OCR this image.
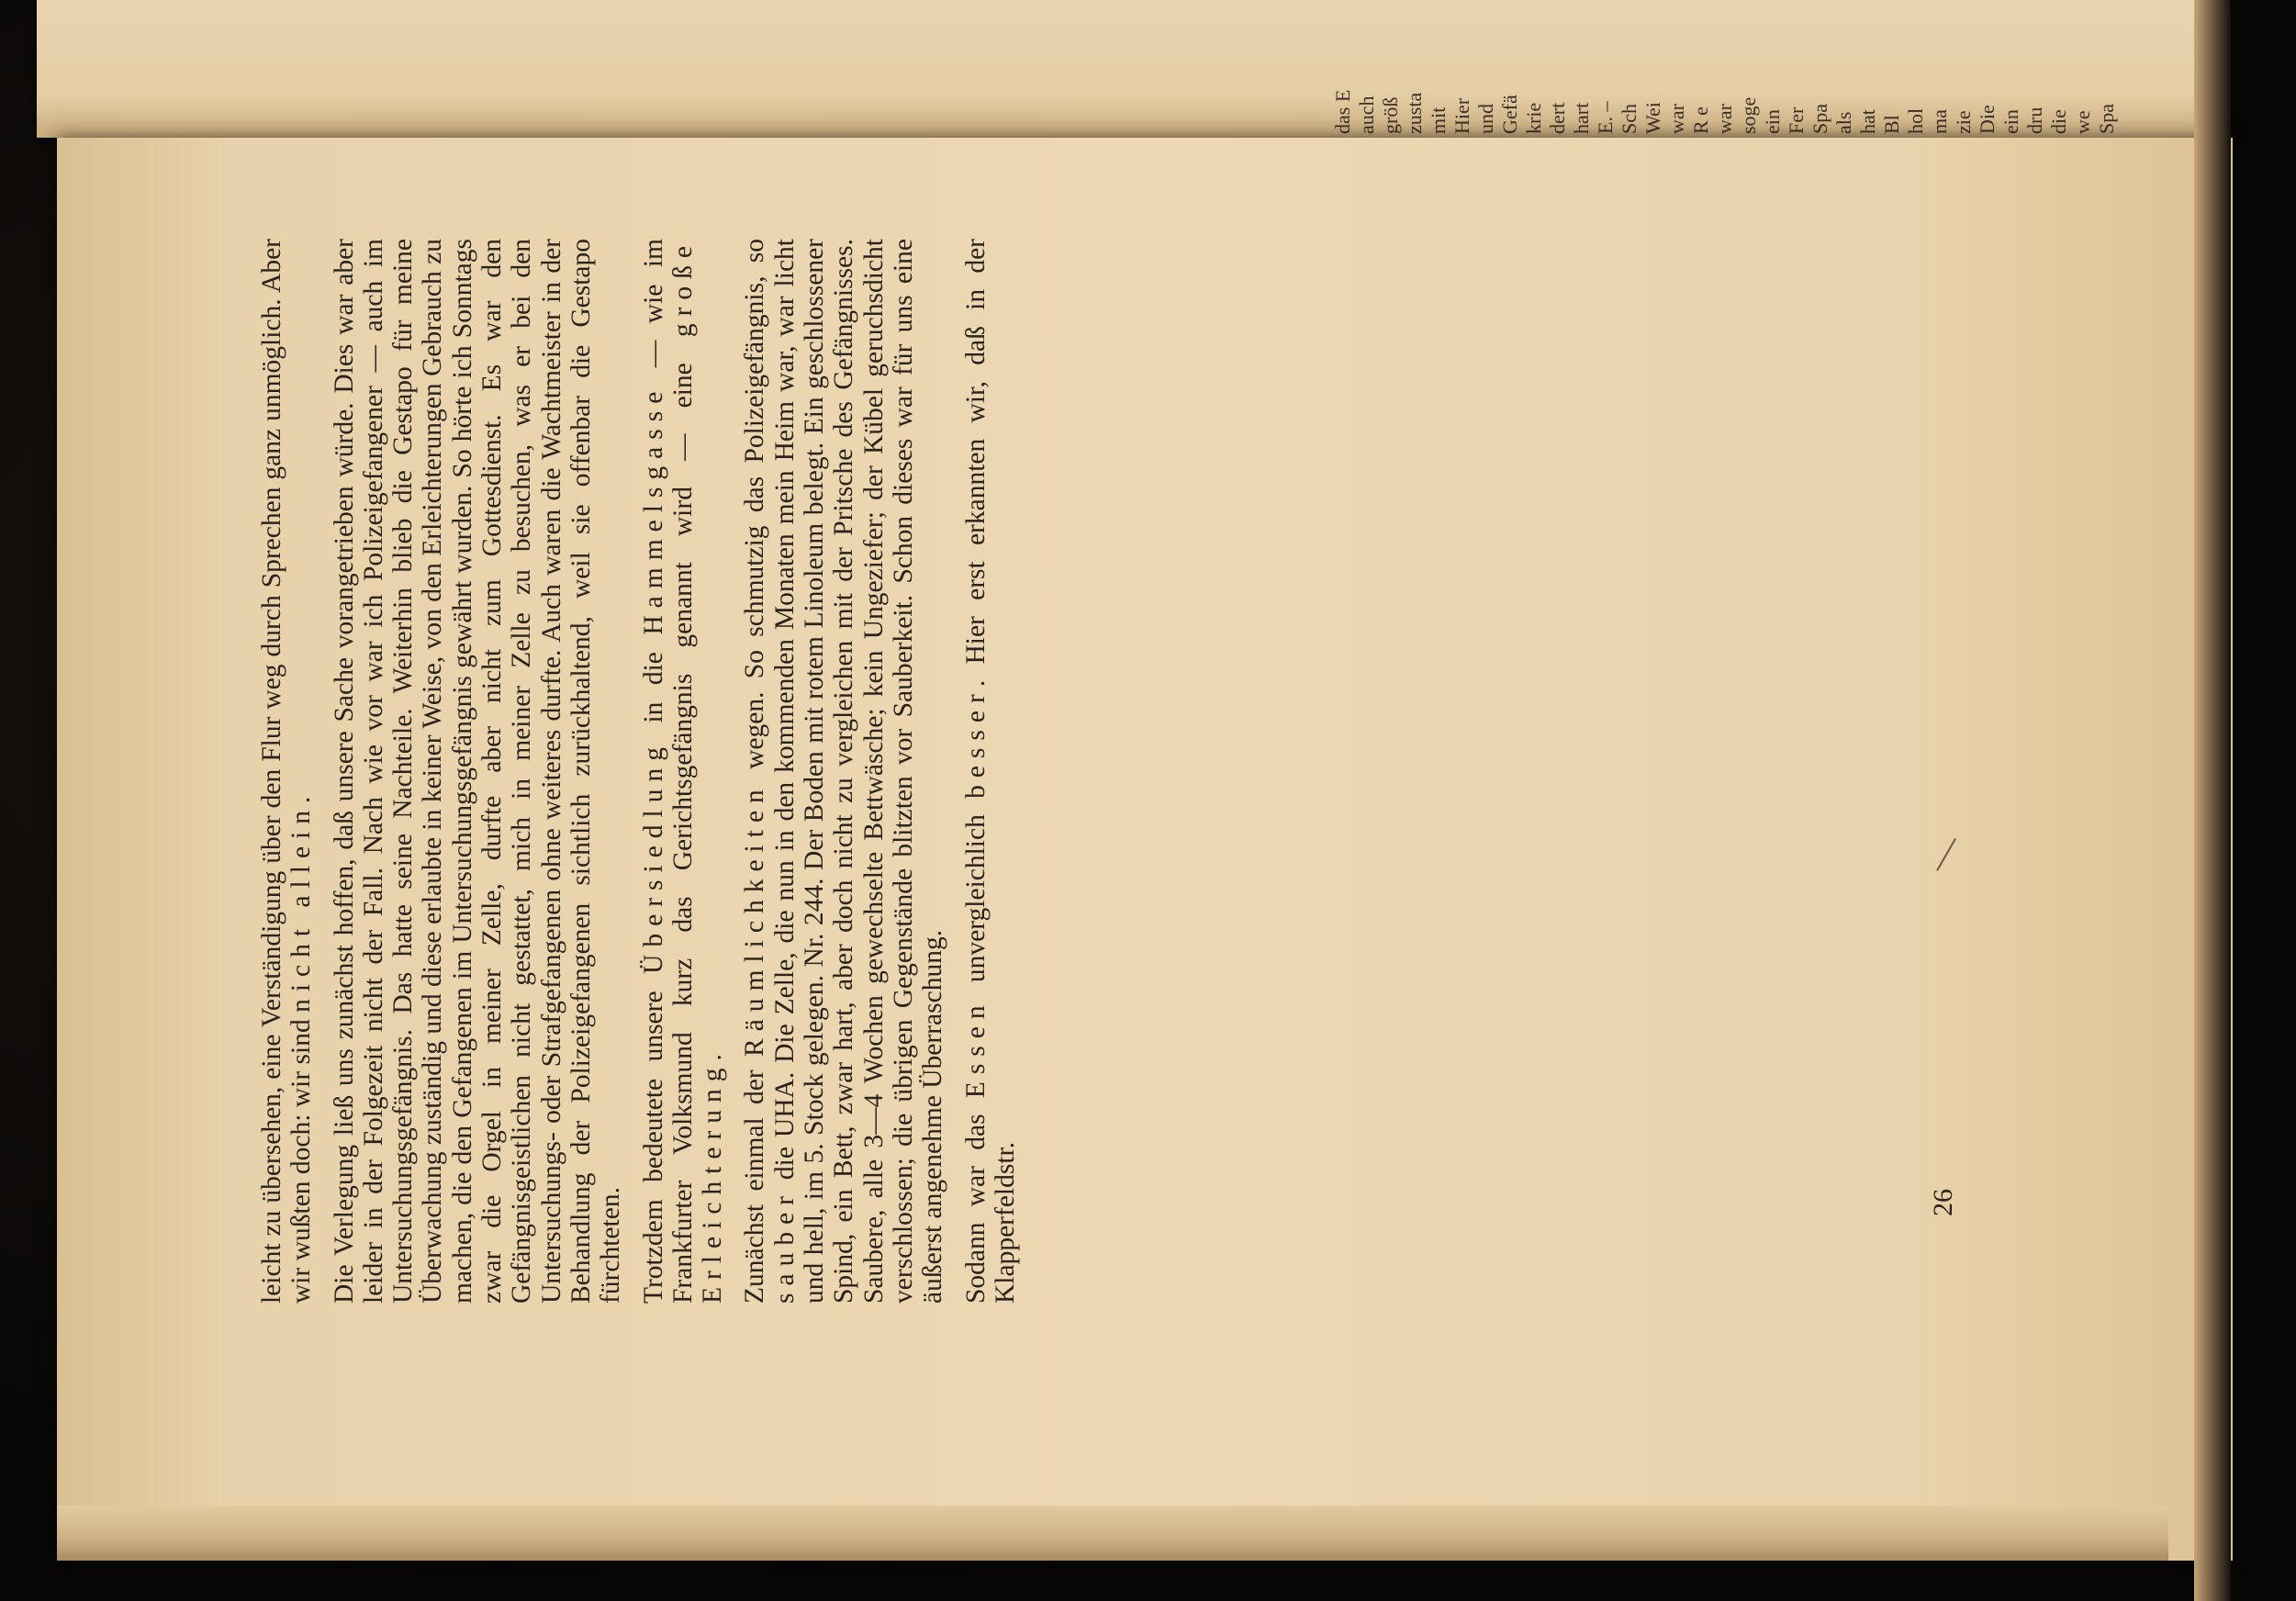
das E auch größ zusta mit Hier und Gefä krie dert hart E. – Sch Wei war R e war soge ein Fer Spa als hat Bl hol ma zie Die ein dru die we Spa

leicht zu übersehen, eine Verständigung über den Flur weg durch Sprechen ganz unmöglich. Aber wir wußten doch: wir sind nicht allein. Die Verlegung ließ uns zunächst hoffen, daß unsere Sache vorangetrieben würde. Dies war aber leider in der Folgezeit nicht der Fall. Nach wie vor war ich Polizeigefangener — auch im Untersuchungsgefängnis. Das hatte seine Nachteile. Weiterhin blieb die Gestapo für meine Überwachung zuständig und diese erlaubte in keiner Weise, von den Erleichterungen Gebrauch zu machen, die den Gefangenen im Untersuchungsgefängnis gewährt wurden. So hörte ich Sonntags zwar die Orgel in meiner Zelle, durfte aber nicht zum Gottesdienst. Es war den Gefängnisgeistlichen nicht gestattet, mich in meiner Zelle zu besuchen, was er bei den Untersuchungs- oder Strafgefangenen ohne weiteres durfte. Auch waren die Wachtmeister in der Behandlung der Polizeigefangenen sichtlich zurückhaltend, weil sie offenbar die Gestapo fürchteten. Trotzdem bedeutete unsere Übersiedlung in die Hammelsgasse — wie im Frankfurter Volksmund kurz das Gerichtsgefängnis genannt wird — eine große Erleichterung. Zunächst einmal der Räumlichkeiten wegen. So schmutzig das Polizeigefängnis, so sauber die UHA. Die Zelle, die nun in den kommenden Monaten mein Heim war, war licht und hell, im 5. Stock gelegen. Nr. 244. Der Boden mit rotem Linoleum belegt. Ein geschlossener Spind, ein Bett, zwar hart, aber doch nicht zu vergleichen mit der Pritsche des Gefängnisses. Saubere, alle 3—4 Wochen gewechselte Bettwäsche; kein Ungeziefer; der Kübel geruchsdicht verschlossen; die übrigen Gegenstände blitzten vor Sauberkeit. Schon dieses war für uns eine äußerst angenehme Überraschung. Sodann war das Essen unvergleichlich besser. Hier erst erkannten wir, daß in der Klapperfeldstr.	26
